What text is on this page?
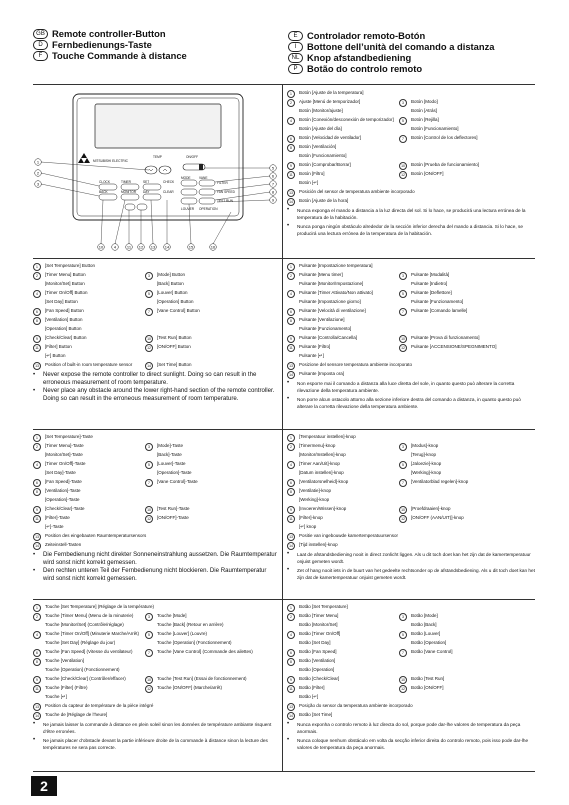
GB Remote controller-Button
D Fernbedienungs-Taste
F	Touche Commande à distance
E	Controlador remoto-Botón
I	Bottone dell’unità del comando a distanza
NL Knop afstandbediening
P	Botão do controlo remoto
MITSUBISHI ELECTRIC
TEMP	ON/OFF
CLOCK	TIMER
BACK	MONITOR
SET
DAY
CHECK
CLEAR
FILTER
TEST RUN
FAN SPEED
MODE	VANE
LOUVER OPERATION
1
2
3
5
6
7
8
9
10	4	11 12 13 14	15	16
1	Botón [Ajuste de la temperatura]
2	Ajuste [Menú de temporizador]	3	Botón [Modo]
Botón [Monitor/ajuste]	Botón [Atrás]
4	Botón [Conexión/desconexión de temporizador]	5	Botón [Rejilla]
Botón [Ajuste del día]	Botón [Funcionamiento]
6	Botón [Velocidad de ventilador]	7	Botón [Control de los deflectores]
8	Botón [Ventilación]
Botón [Funcionamiento]
9	Botón [Comprobar/Borrar]	10	Botón [Prueba de funcionamiento]
11	Botón [Filtro]	12	Botón [ON/OFF]
Botón [↵]
13	Posición del sensor de temperatura ambiente incorporado
14	Botón [Ajuste de la hora]
•	Nunca exponga el mando a distancia a la luz directa del sol. Si lo hace, se producirá una lectura errónea de la temperatura de la habitación.
•	Nunca ponga ningún obstáculo alrededor de la sección inferior derecha del mando a distancia. Si lo hace, se producirá una lectura errónea de la temperatura de la habitación.
1	[Set Temperature] Button
2	[Timer Menu] Button	3	[Mode] Button
[Monitor/Set] Button	[Back] Button
4	[Timer On/Off] Button	5	[Louver] Button
[Set Day] Button	[Operation] Button
6	[Fan Speed] Button	7	[Vane Control] Button
8	[Ventilation] Button
[Operation] Button
9	[Check/Clear] Button	10	[Test Run] Button
11	[Filter] Button	12	[ON/OFF] Button
[↵] Button
13	Position of built-in room temperature sensor	14	[Set Time] Button
•	Never expose the remote controller to direct sunlight. Doing so can result in the erroneous measurement of room temperature.
•	Never place any obstacle around the lower right-hand section of the remote controller. Doing so can result in the erroneous measurement of room temperature.
1	Pulsante [Impostazione temperatura]
2	Pulsante [Menu timer]	3	Pulsante [Modalità]
Pulsante [Monitor/Impostazione]	Pulsante [Indietro]
4	Pulsante [Timer Attivato/Non attivato]	5	Pulsante [Deflettore]
Pulsante [Impostazione giorno]	Pulsante [Funzionamento]
6	Pulsante [Velocità di ventilazione]	7	Pulsante [Comando lamelle]
8	Pulsante [Ventilazione]
Pulsante [Funzionamento]
9	Pulsante [Controlla/Cancella]	10	Pulsante [Prova di funzionamento]
11	Pulsante [Filtro]	12	Pulsante [ACCENSIONE/SPEGNIMENTO]
Pulsante [↵]
13	Posizione del sensore temperatura ambiente incorporato
14	Pulsante [Imposta ora]
•	Non esporre mai il comando a distanza alla luce diretta del sole, in quanto questo può alterare la corretta rilevazione della temperatura ambiente.
•	Non porre alcun ostacolo attorno alla sezione inferiore destra del comando a distanza, in quanto questo può alterare la corretta rilevazione della temperatura ambiente.
1	[Set Temperature]-Taste
2	[Timer Menu]-Taste	3	[Mode]-Taste
[Monitor/Set]-Taste	[Back]-Taste
4	[Timer On/Off]-Taste	5	[Louver]-Taste
[Set Day]-Taste	[Operation]-Taste
6	[Fan Speed]-Taste	7	[Vane Control]-Taste
8	[Ventilation]-Taste
[Operation]-Taste
9	[Check/Clear]-Taste	10	[Test Run]-Taste
11	[Filter]-Taste	12	[ON/OFF]-Taste
[↵]-Taste
13	Position des eingebauten Raumtemperatursensors
14	Zeiteinstell-Tasten
•	Die Fernbedienung nicht direkter Sonneneinstrahlung aussetzen. Die Raumtemperatur wird sonst nicht korrekt gemessen.
•	Den rechten unteren Teil der Fernbedienung nicht blockieren. Die Raumtemperatur wird sonst nicht korrekt gemessen.
1	[Temperatuur instellen]-knop
2	[Timermenu]-knop	3	[Modus]-knop
[Monitor/Instellen]-knop	[Terug]-knop
4	[Timer Aan/Uit]-knop	5	[Jaloezie]-knop
[Datum instellen]-knop	[Werking]-knop
6	[Ventilatorsnelheid]-knop	7	[Ventilatorblad regelen]-knop
8	[Ventilatie]-knop
[Werking]-knop
9	[Invoeren/Wissen]-knop	10	[Proefdraaien]-knop
11	[Filter]-knop	12	[ON/OFF (AAN/UIT)]-knop
[↵] knop
13	Positie van ingebouwde kamertemperatuursensor
14	[Tijd instellen]-knop
•	Laat de afstandsbediening nooit in direct zonlicht liggen. Als u dit toch doet kan het zijn dat de kamertemperatuur onjuist gemeten wordt.
•	Zet of hang nooit iets in de buurt van het gedeelte rechtsonder op de afstandsbediening. Als u dit toch doet kan het zijn dat de kamertemperatuur onjuist gemeten wordt.
1	Touche [Set Temperature] (Réglage de la température)
2	Touche [Timer Menu] (Menu de la minuterie)	3	Touche [Mode]
Touche [Monitor/Set] (Contrôle/réglage)	Touche [Back] (Retour en arrière)
4	Touche [Timer On/Off] (Minuterie Marche/Arrêt)	5	Touche [Louver] (Louvre)
Touche [Set Day] (Réglage du jour)	Touche [Operation] (Fonctionnement)
6	Touche [Fan Speed] (Vitesse du ventilateur)	7	Touche [Vane Control] (Commande des ailettes)
8	Touche [Ventilation]
Touche [Operation] (Fonctionnement)
9	Touche [Check/Clear] (Contrôler/effacer)	10	Touche [Test Run] (Essai de fonctionnement)
11	Touche [Filter] (Filtre)	12	Touche [ON/OFF] (Marche/arrêt)
Touche [↵]
13	Position du capteur de température de la pièce intégré
14	Touche de [Réglage de l’heure]
•	Ne jamais laisser la commande à distance en plein soleil sinon les données de température ambiante risquent d’être erronées.
•	Ne jamais placer d’obstacle devant la partie inférieure droite de la commande à distance sinon la lecture des températures ne sera pas correcte.
1	Botão [Set Temperature]
2	Botão [Timer Menu]	3	Botão [Mode]
Botão [Monitor/Set]	Botão [Back]
4	Botão [Timer On/Off]	5	Botão [Louver]
Botão [Set Day]	Botão [Operation]
6	Botão [Fan Speed]	7	Botão [Vane Control]
8	Botão [Ventilation]
Botão [Operation]
9	Botão [Check/Clear]	10	Botão [Test Run]
11	Botão [Filter]	12	Botão [ON/OFF]
Botão [↵]
13	Posição do sensor da temperatura ambiente incorporado
14	Botão [Set Time]
•	Nunca exponha o controlo remoto à luz directa do sol, porque pode dar-lhe valores de temperatura da peça anormais.
•	Nunca coloque nenhum obstáculo em volta da secção inferior direita do controlo remoto, pois isso pode dar-lhe valores de temperatura da peça anormais.
2
